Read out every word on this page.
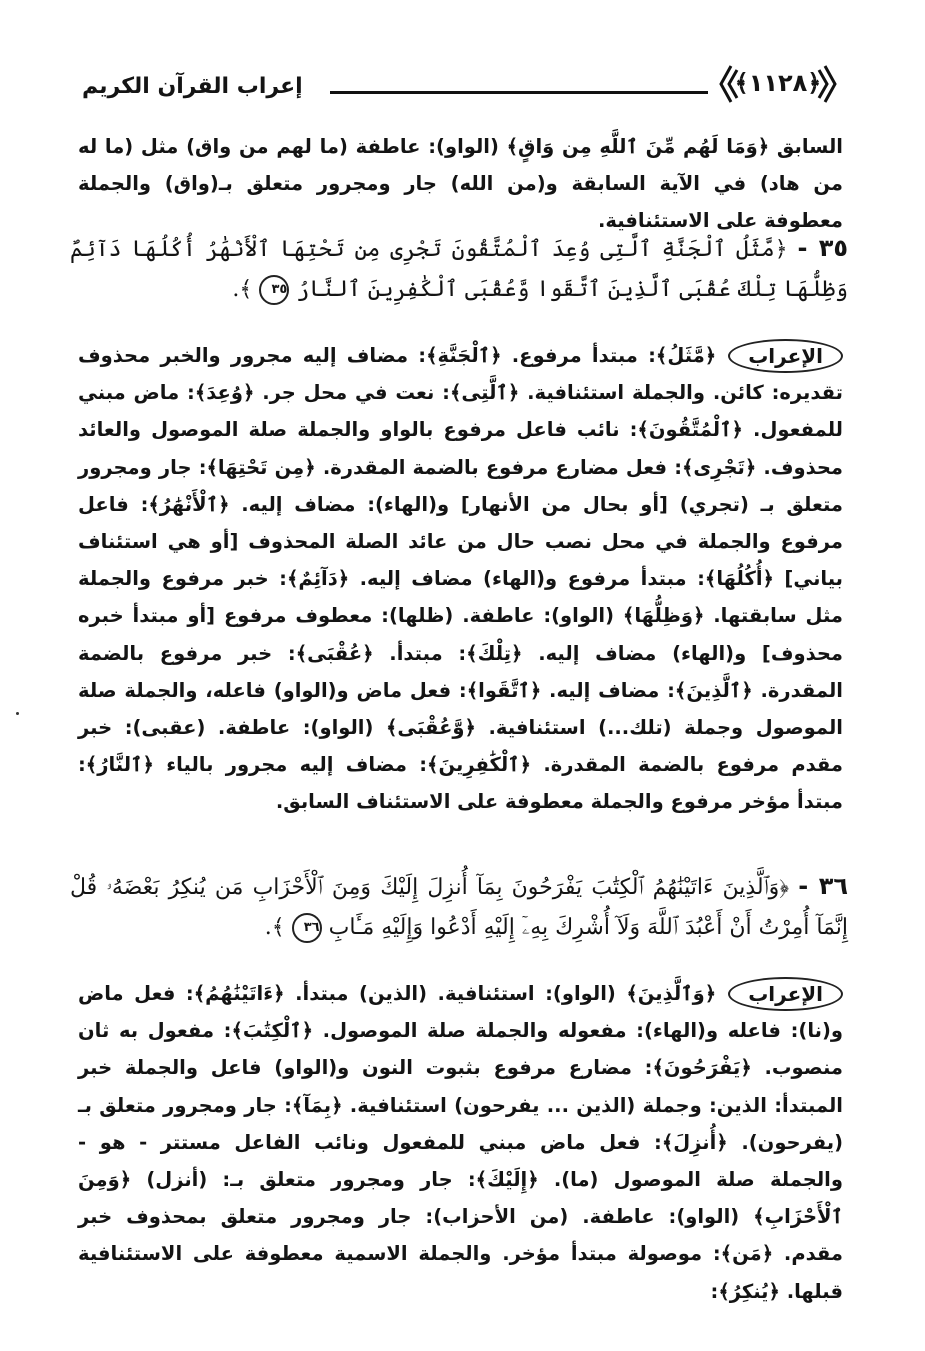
﴿١١٢٨﴾
إعراب القرآن الكريم
السابق ﴿وَمَا لَهُم مِّنَ ٱللَّهِ مِن وَاقٍ﴾ (الواو): عاطفة (ما لهم من واق) مثل (ما له من هاد) في الآية السابقة و(من الله) جار ومجرور متعلق بـ(واق) والجملة معطوفة على الاستئنافية.
٣٥ - ﴿مَّثَلُ ٱلْجَنَّةِ ٱلَّتِى وُعِدَ ٱلْمُتَّقُونَ تَجْرِى مِن تَحْتِهَا ٱلْأَنْهَٰرُ أُكُلُهَا دَآئِمٌ وَظِلُّهَا تِلْكَ عُقْبَى ٱلَّذِينَ ٱتَّقَوا وَّعُقْبَى ٱلْكَٰفِرِينَ ٱلنَّارُ ٣٥ ﴾.
الإعراب
﴿مَّثَلُ﴾: مبتدأ مرفوع. ﴿ٱلْجَنَّةِ﴾: مضاف إليه مجرور والخبر محذوف تقديره: كائن. والجملة استئنافية. ﴿ٱلَّتِى﴾: نعت في محل جر. ﴿وُعِدَ﴾: ماض مبني للمفعول. ﴿ٱلْمُتَّقُونَ﴾: نائب فاعل مرفوع بالواو والجملة صلة الموصول والعائد محذوف. ﴿تَجْرِى﴾: فعل مضارع مرفوع بالضمة المقدرة. ﴿مِن تَحْتِهَا﴾: جار ومجرور متعلق بـ (تجري) [أو بحال من الأنهار] و(الهاء): مضاف إليه. ﴿ٱلْأَنْهَٰرُ﴾: فاعل مرفوع والجملة في محل نصب حال من عائد الصلة المحذوف [أو هي استئناف بياني] ﴿أُكُلُهَا﴾: مبتدأ مرفوع و(الهاء) مضاف إليه. ﴿دَآئِمٌ﴾: خبر مرفوع والجملة مثل سابقتها. ﴿وَظِلُّهَا﴾ (الواو): عاطفة. (ظلها): معطوف مرفوع [أو مبتدأ خبره محذوف] و(الهاء) مضاف إليه. ﴿تِلْكَ﴾: مبتدأ. ﴿عُقْبَى﴾: خبر مرفوع بالضمة المقدرة. ﴿ٱلَّذِينَ﴾: مضاف إليه. ﴿ٱتَّقَوا﴾: فعل ماض و(الواو) فاعله، والجملة صلة الموصول وجملة (تلك...) استئنافية. ﴿وَّعُقْبَى﴾ (الواو): عاطفة. (عقبى): خبر مقدم مرفوع بالضمة المقدرة. ﴿ٱلْكَٰفِرِينَ﴾: مضاف إليه مجرور بالياء ﴿ٱلنَّارُ﴾: مبتدأ مؤخر مرفوع والجملة معطوفة على الاستئناف السابق.
٣٦ - ﴿وَٱلَّذِينَ ءَاتَيْنَٰهُمُ ٱلْكِتَٰبَ يَفْرَحُونَ بِمَآ أُنزِلَ إِلَيْكَ وَمِنَ ٱلْأَحْزَابِ مَن يُنكِرُ بَعْضَهُۥ قُلْ إِنَّمَآ أُمِرْتُ أَنْ أَعْبُدَ ٱللَّهَ وَلَآ أُشْرِكَ بِهِۦٓ إِلَيْهِ أَدْعُوا وَإِلَيْهِ مَـَٔابِ ٣٦ ﴾.
الإعراب
﴿وَٱلَّذِينَ﴾ (الواو): استئنافية. (الذين) مبتدأ. ﴿ءَاتَيْنَٰهُمُ﴾: فعل ماض و(نا): فاعله و(الهاء): مفعوله والجملة صلة الموصول. ﴿ٱلْكِتَٰبَ﴾: مفعول به ثان منصوب. ﴿يَفْرَحُونَ﴾: مضارع مرفوع بثبوت النون و(الواو) فاعل والجملة خبر المبتدأ: الذين: وجملة (الذين ... يفرحون) استئنافية. ﴿بِمَآ﴾: جار ومجرور متعلق بـ (يفرحون). ﴿أُنزِلَ﴾: فعل ماض مبني للمفعول ونائب الفاعل مستتر - هو - والجملة صلة الموصول (ما). ﴿إِلَيْكَ﴾: جار ومجرور متعلق بـ: (أنزل) ﴿وَمِنَ ٱلْأَحْزَابِ﴾ (الواو): عاطفة. (من الأحزاب): جار ومجرور متعلق بمحذوف خبر مقدم. ﴿مَن﴾: موصولة مبتدأ مؤخر. والجملة الاسمية معطوفة على الاستئنافية قبلها. ﴿يُنكِرُ﴾:
